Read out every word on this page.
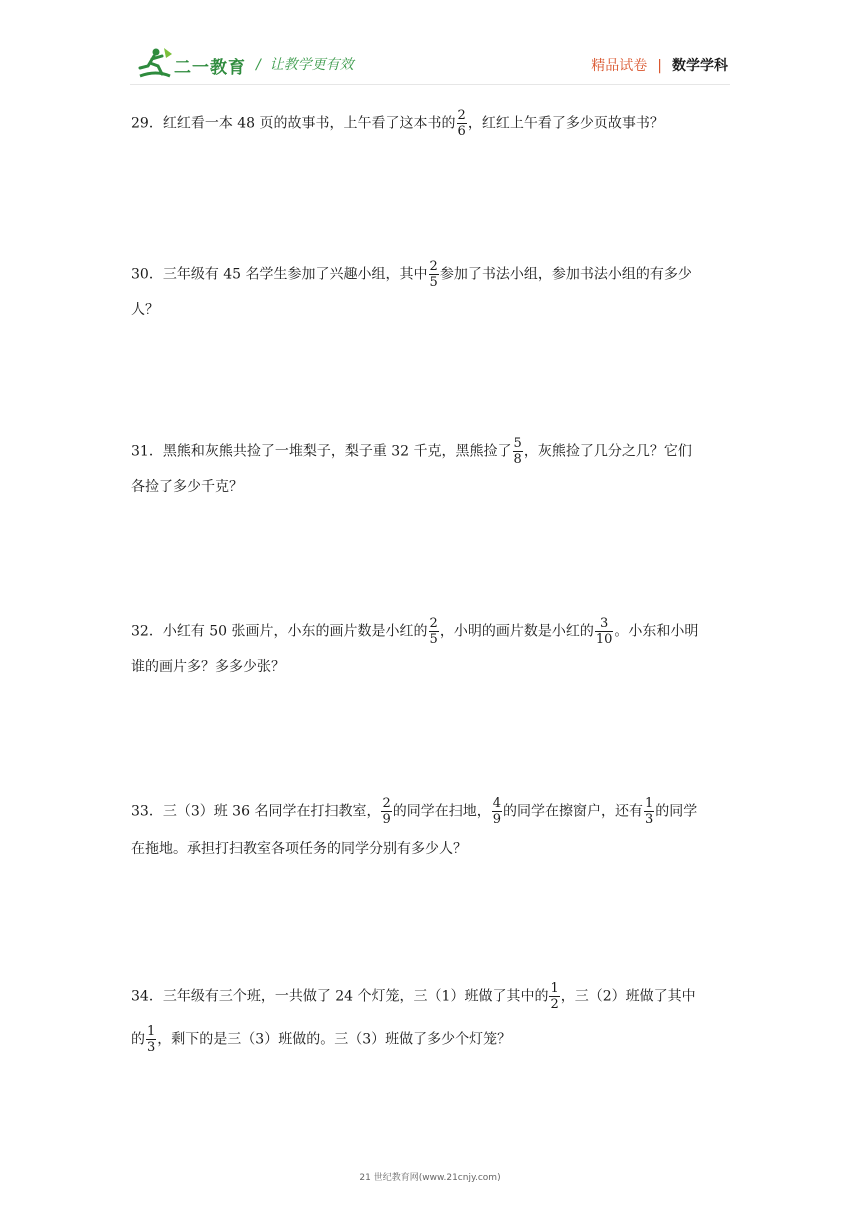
二一教育 /  让教学更有效	精品试卷 | 数学学科
29．红红看一本 48 页的故事书，上午看了这本书的 $\frac{2}{6}$ ，红红上午看了多少页故事书？
30．三年级有 45 名学生参加了兴趣小组，其中 $\frac{2}{5}$ 参加了书法小组，参加书法小组的有多少
人？
31．黑熊和灰熊共捡了一堆梨子，梨子重 32 千克，黑熊捡了 $\frac{5}{8}$ ，灰熊捡了几分之几？它们
各捡了多少千克？
32．小红有 50 张画片，小东的画片数是小红的 $\frac{2}{5}$ ，小明的画片数是小红的 $\frac{3}{10}$ 。小东和小明
谁的画片多？多多少张？
33．三（3）班 36 名同学在打扫教室， $\frac{2}{9}$ 的同学在扫地， $\frac{4}{9}$ 的同学在擦窗户，还有 $\frac{1}{3}$ 的同学
在拖地。承担打扫教室各项任务的同学分别有多少人？
34．三年级有三个班，一共做了 24 个灯笼，三（1）班做了其中的 $\frac{1}{2}$ ，三（2）班做了其中
的 $\frac{1}{3}$ ，剩下的是三（3）班做的。三（3）班做了多少个灯笼？
21 世纪教育网(www.21cnjy.com)
